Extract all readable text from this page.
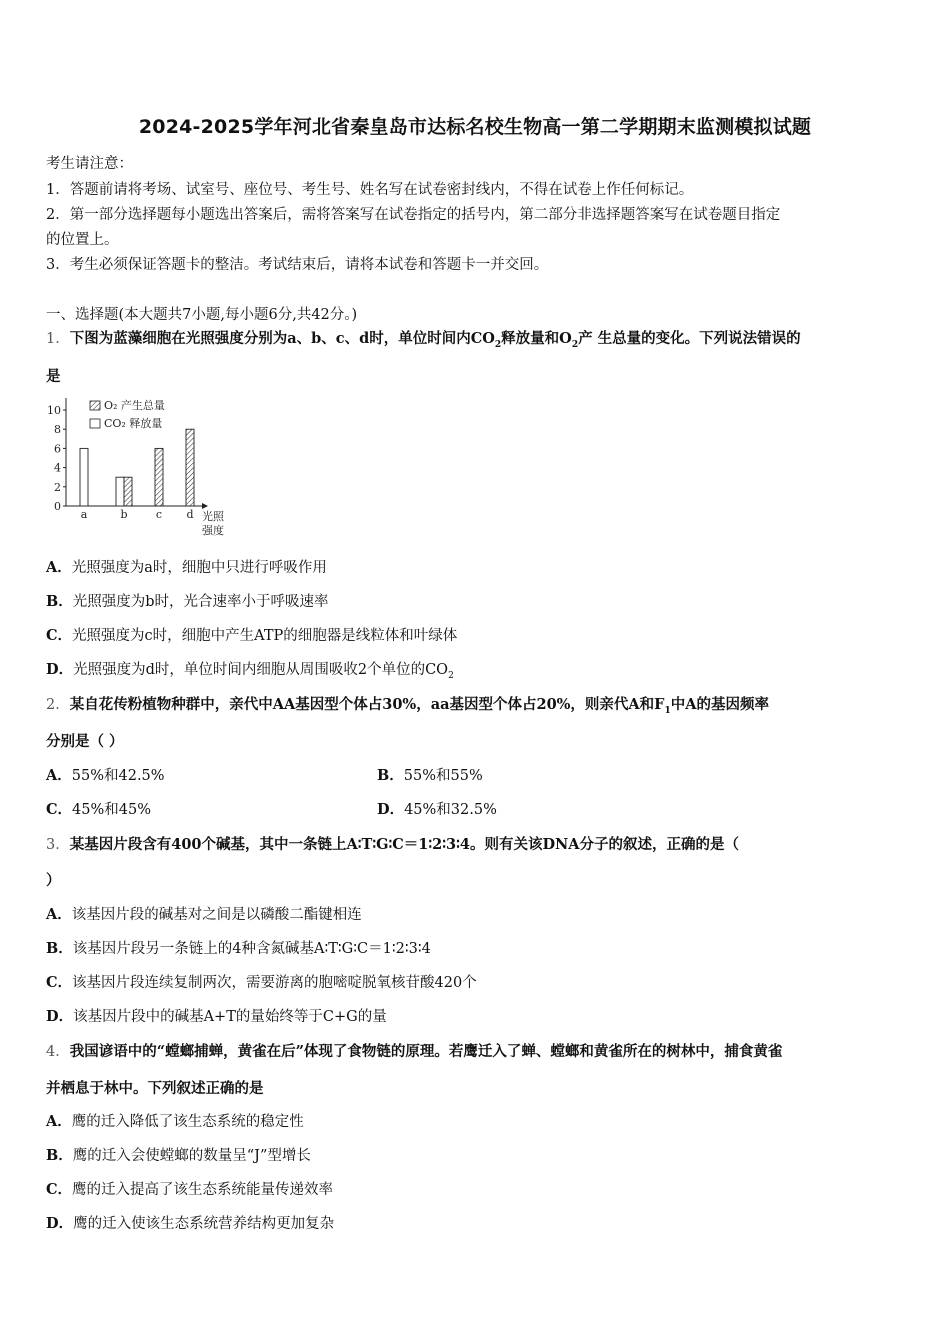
2024-2025学年河北省秦皇岛市达标名校生物高一第二学期期末监测模拟试题
考生请注意：
1．答题前请将考场、试室号、座位号、考生号、姓名写在试卷密封线内，不得在试卷上作任何标记。
2．第一部分选择题每小题选出答案后，需将答案写在试卷指定的括号内，第二部分非选择题答案写在试卷题目指定
的位置上。
3．考生必须保证答题卡的整洁。考试结束后，请将本试卷和答题卡一并交回。
一、选择题(本大题共7小题,每小题6分,共42分。)
1．下图为蓝藻细胞在光照强度分别为a、b、c、d时，单位时间内$CO_2$释放量和$O_2$产 生总量的变化。下列说法错误的
是
0
2
4
6
8
10
a	b	c d
O₂ 产生总量
CO₂ 释放量
光照
强度
A．光照强度为a时，细胞中只进行呼吸作用
B．光照强度为b时，光合速率小于呼吸速率
C．光照强度为c时，细胞中产生ATP的细胞器是线粒体和叶绿体
D．光照强度为d时，单位时间内细胞从周围吸收2个单位的$CO_2$
2．某自花传粉植物种群中，亲代中AA基因型个体占30%，aa基因型个体占20%，则亲代A和$F_1$中A的基因频率
分别是（ ）
A．55%和42.5%	B．55%和55%
C．45%和45%	D．45%和32.5%
3．某基因片段含有400个碱基，其中一条链上A∶T∶G∶C＝1∶2∶3∶4。则有关该DNA分子的叙述，正确的是（
）
A．该基因片段的碱基对之间是以磷酸二酯键相连
B．该基因片段另一条链上的4种含氮碱基A∶T∶G∶C＝1∶2∶3∶4
C．该基因片段连续复制两次，需要游离的胞嘧啶脱氧核苷酸420个
D．该基因片段中的碱基A+T的量始终等于C+G的量
4．我国谚语中的“螳螂捕蝉，黄雀在后”体现了食物链的原理。若鹰迁入了蝉、螳螂和黄雀所在的树林中，捕食黄雀
并栖息于林中。下列叙述正确的是
A．鹰的迁入降低了该生态系统的稳定性
B．鹰的迁入会使螳螂的数量呈“J”型增长
C．鹰的迁入提高了该生态系统能量传递效率
D．鹰的迁入使该生态系统营养结构更加复杂
